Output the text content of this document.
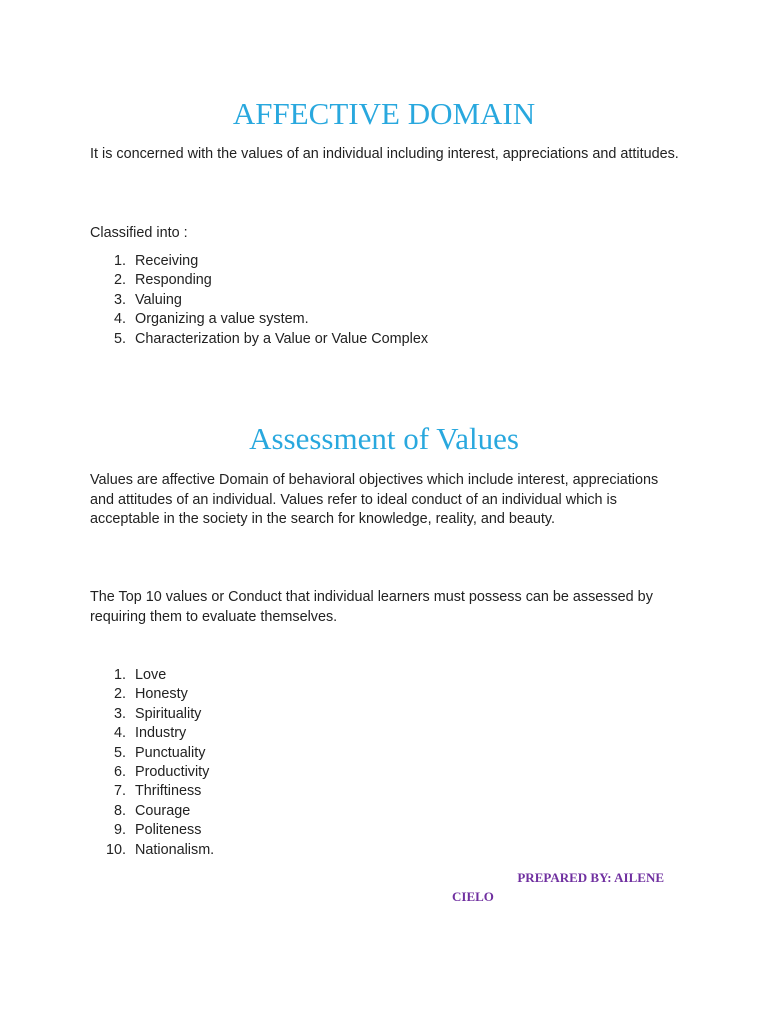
AFFECTIVE DOMAIN

It is concerned with the values of an individual including interest, appreciations and attitudes.

Classified into :

1. Receiving
2. Responding
3. Valuing
4. Organizing a value system.
5. Characterization by a Value or Value Complex
Assessment of Values

Values are affective Domain of behavioral objectives which include interest, appreciations and attitudes of an individual. Values refer to ideal conduct of an individual which is acceptable in the society in the search for knowledge, reality, and beauty.

The Top 10 values or Conduct that individual learners must possess can be assessed by requiring them to evaluate themselves.

1. Love
2. Honesty
3. Spirituality
4. Industry
5. Punctuality
6. Productivity
7. Thriftiness
8. Courage
9. Politeness
10. Nationalism.

PREPARED BY: AILENE
CIELO
